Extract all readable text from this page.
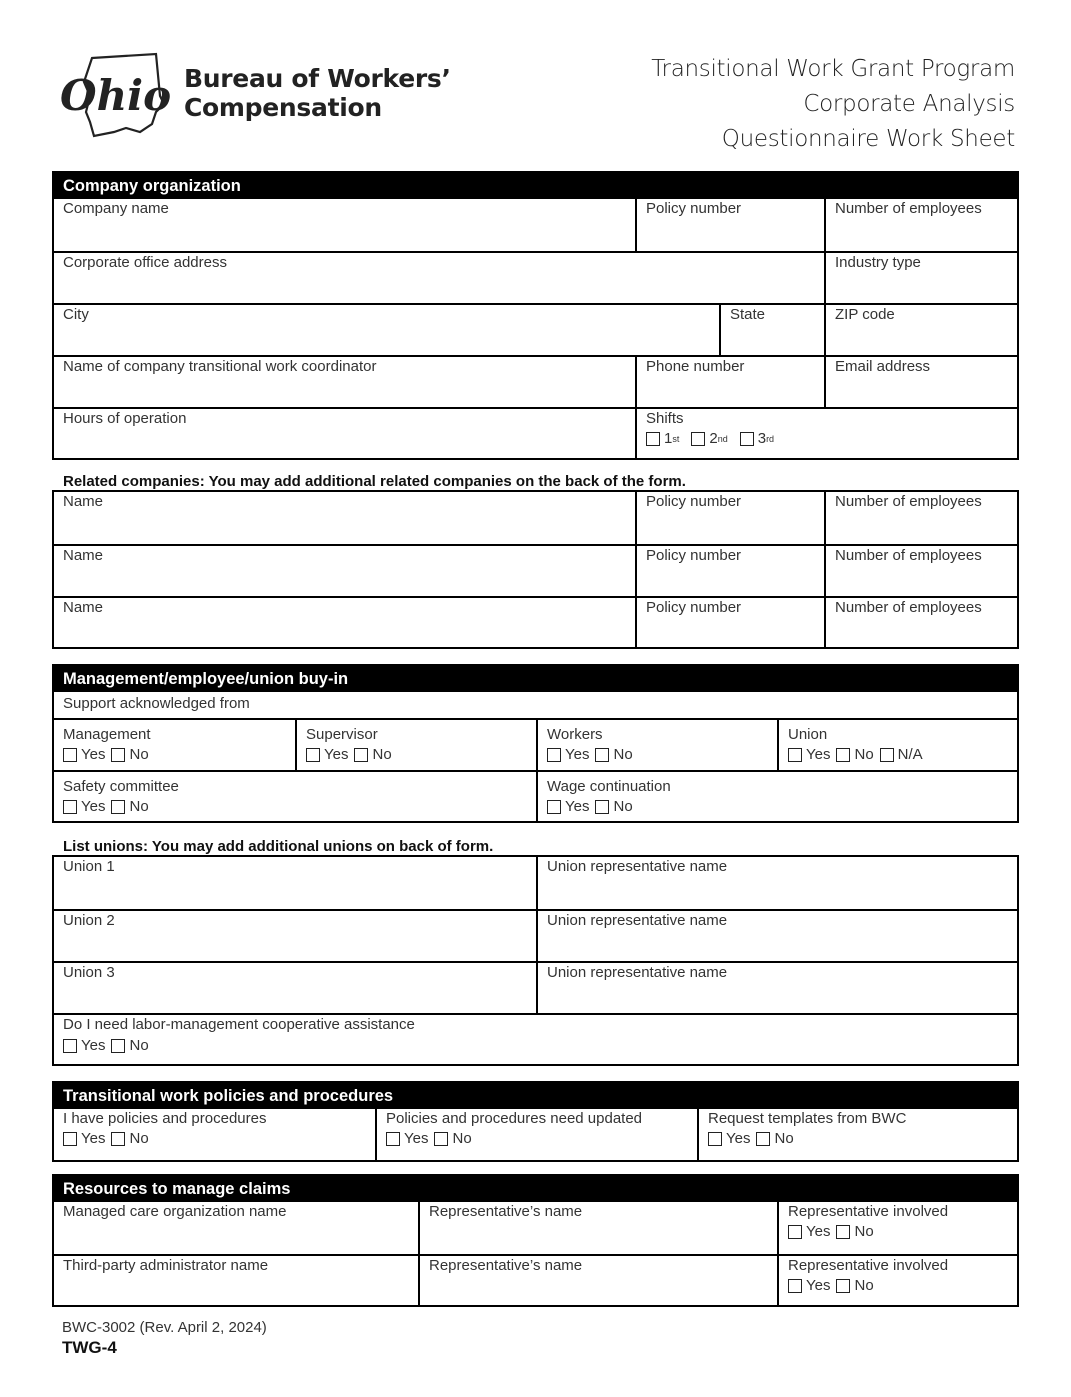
Ohio Bureau of Workers’
Compensation
Transitional Work Grant Program
Corporate Analysis
Questionnaire Work Sheet
Company organization
Company name	Policy number	Number of employees
Corporate office address	Industry type
City	State	ZIP code
Name of company transitional work coordinator	Phone number	Email address
Hours of operation	Shifts
1 st 2 nd 3 rd
Related companies: You may add additional related companies on the back of the form.
Name	Policy number	Number of employees
Name	Policy number	Number of employees
Name	Policy number	Number of employees
Management/employee/union buy-in
Support acknowledged from
Management
Yes No
Supervisor
Yes No
Workers
Yes No
Union
Yes No N/A
Safety committee
Yes No
Wage continuation
Yes No
List unions: You may add additional unions on back of form.
Union 1	Union representative name
Union 2	Union representative name
Union 3	Union representative name
Do I need labor-management cooperative assistance
Yes No
Transitional work policies and procedures
I have policies and procedures
Yes No
Policies and procedures need updated
Yes No
Request templates from BWC
Yes No
Resources to manage claims
Managed care organization name	Representative’s name	Representative involved
Yes No
Third-party administrator name	Representative’s name	Representative involved
Yes No
BWC-3002 (Rev. April 2, 2024)
TWG-4
